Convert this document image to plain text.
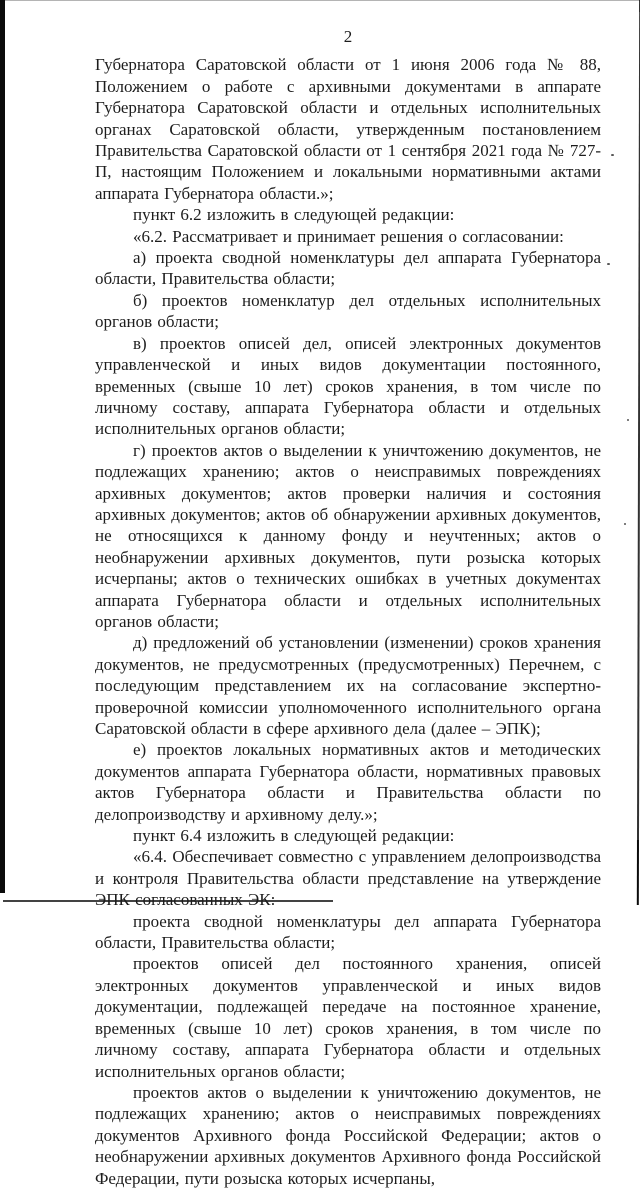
2

Губернатора Саратовской области от 1 июня 2006 года № 88, Положением о работе с архивными документами в аппарате Губернатора Саратовской области и отдельных исполнительных органах Саратовской области, утвержденным постановлением Правительства Саратовской области от 1 сентября 2021 года № 727-П, настоящим Положением и локальными нормативными актами аппарата Губернатора области.»;

пункт 6.2 изложить в следующей редакции:

«6.2. Рассматривает и принимает решения о согласовании:

а) проекта сводной номенклатуры дел аппарата Губернатора области, Правительства области;

б) проектов номенклатур дел отдельных исполнительных органов области;

в) проектов описей дел, описей электронных документов управленческой и иных видов документации постоянного, временных (свыше 10 лет) сроков хранения, в том числе по личному составу, аппарата Губернатора области и отдельных исполнительных органов области;

г) проектов актов о выделении к уничтожению документов, не подлежащих хранению; актов о неисправимых повреждениях архивных документов; актов проверки наличия и состояния архивных документов; актов об обнаружении архивных документов, не относящихся к данному фонду и неучтенных; актов о необнаружении архивных документов, пути розыска которых исчерпаны; актов о технических ошибках в учетных документах аппарата Губернатора области и отдельных исполнительных органов области;

д) предложений об установлении (изменении) сроков хранения документов, не предусмотренных (предусмотренных) Перечнем, с последующим представлением их на согласование экспертно-проверочной комиссии уполномоченного исполнительного органа Саратовской области в сфере архивного дела (далее – ЭПК);

е) проектов локальных нормативных актов и методических документов аппарата Губернатора области, нормативных правовых актов Губернатора области и Правительства области по делопроизводству и архивному делу.»;

пункт 6.4 изложить в следующей редакции:

«6.4. Обеспечивает совместно с управлением делопроизводства и контроля Правительства области представление на утверждение ЭПК согласованных ЭК:

проекта сводной номенклатуры дел аппарата Губернатора области, Правительства области;

проектов описей дел постоянного хранения, описей электронных документов управленческой и иных видов документации, подлежащей передаче на постоянное хранение, временных (свыше 10 лет) сроков хранения, в том числе по личному составу, аппарата Губернатора области и отдельных исполнительных органов области;

проектов актов о выделении к уничтожению документов, не подлежащих хранению; актов о неисправимых повреждениях документов Архивного фонда Российской Федерации; актов о необнаружении архивных документов Архивного фонда Российской Федерации, пути розыска которых исчерпаны,
